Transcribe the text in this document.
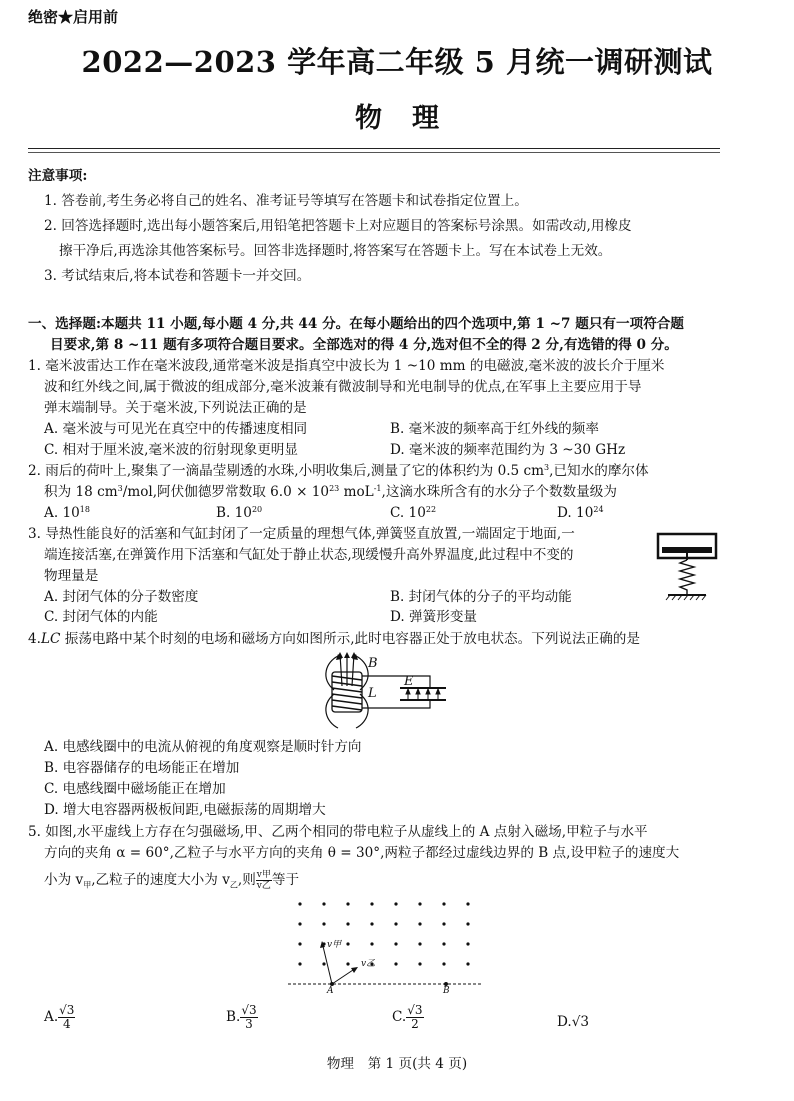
绝密★启用前
2022—2023 学年高二年级 5 月统一调研测试
物理
注意事项:
1. 答卷前,考生务必将自己的姓名、准考证号等填写在答题卡和试卷指定位置上。
2. 回答选择题时,选出每小题答案后,用铅笔把答题卡上对应题目的答案标号涂黑。如需改动,用橡皮
擦干净后,再选涂其他答案标号。回答非选择题时,将答案写在答题卡上。写在本试卷上无效。
3. 考试结束后,将本试卷和答题卡一并交回。
一、选择题:本题共 11 小题,每小题 4 分,共 44 分。在每小题给出的四个选项中,第 1 ~7 题只有一项符合题
目要求,第 8 ~11 题有多项符合题目要求。全部选对的得 4 分,选对但不全的得 2 分,有选错的得 0 分。
1. 毫米波雷达工作在毫米波段,通常毫米波是指真空中波长为 1 ~10 mm 的电磁波,毫米波的波长介于厘米
波和红外线之间,属于微波的组成部分,毫米波兼有微波制导和光电制导的优点,在军事上主要应用于导
弹末端制导。关于毫米波,下列说法正确的是
A. 毫米波与可见光在真空中的传播速度相同	B. 毫米波的频率高于红外线的频率
C. 相对于厘米波,毫米波的衍射现象更明显	D. 毫米波的频率范围约为 3 ~30 GHz
2. 雨后的荷叶上,聚集了一滴晶莹剔透的水珠,小明收集后,测量了它的体积约为 0.5 $cm^3$,已知水的摩尔体
积为 18 $cm^3$/mol,阿伏伽德罗常数取 $6.0 \times 10^{23}$ moL$^{-1}$,这滴水珠所含有的水分子个数数量级为
A. $10^{18}$	B. $10^{20}$	C. $10^{22}$	D. $10^{24}$
3. 导热性能良好的活塞和气缸封闭了一定质量的理想气体,弹簧竖直放置,一端固定于地面,一
端连接活塞,在弹簧作用下活塞和气缸处于静止状态,现缓慢升高外界温度,此过程中不变的
物理量是
A. 封闭气体的分子数密度	B. 封闭气体的分子的平均动能
C. 封闭气体的内能	D. 弹簧形变量
4.LC 振荡电路中某个时刻的电场和磁场方向如图所示,此时电容器正处于放电状态。下列说法正确的是
B
L
E
A. 电感线圈中的电流从俯视的角度观察是顺时针方向
B. 电容器储存的电场能正在增加
C. 电感线圈中磁场能正在增加
D. 增大电容器两极板间距,电磁振荡的周期增大
5. 如图,水平虚线上方存在匀强磁场,甲、乙两个相同的带电粒子从虚线上的 A 点射入磁场,甲粒子与水平
方向的夹角 α = 60°,乙粒子与水平方向的夹角 θ = 30°,两粒子都经过虚线边界的 B 点,设甲粒子的速度大
小为 $v_甲$,乙粒子的速度大小为 $v_乙$,则 $\frac{\text{v甲}}{\text{v乙}}$ 等于
v甲
v乙
A	B
A. $\frac{√3}{4}$	B. $\frac{√3}{3}$	C. $\frac{√3}{2}$	D.√3
物理　第 1 页(共 4 页)
